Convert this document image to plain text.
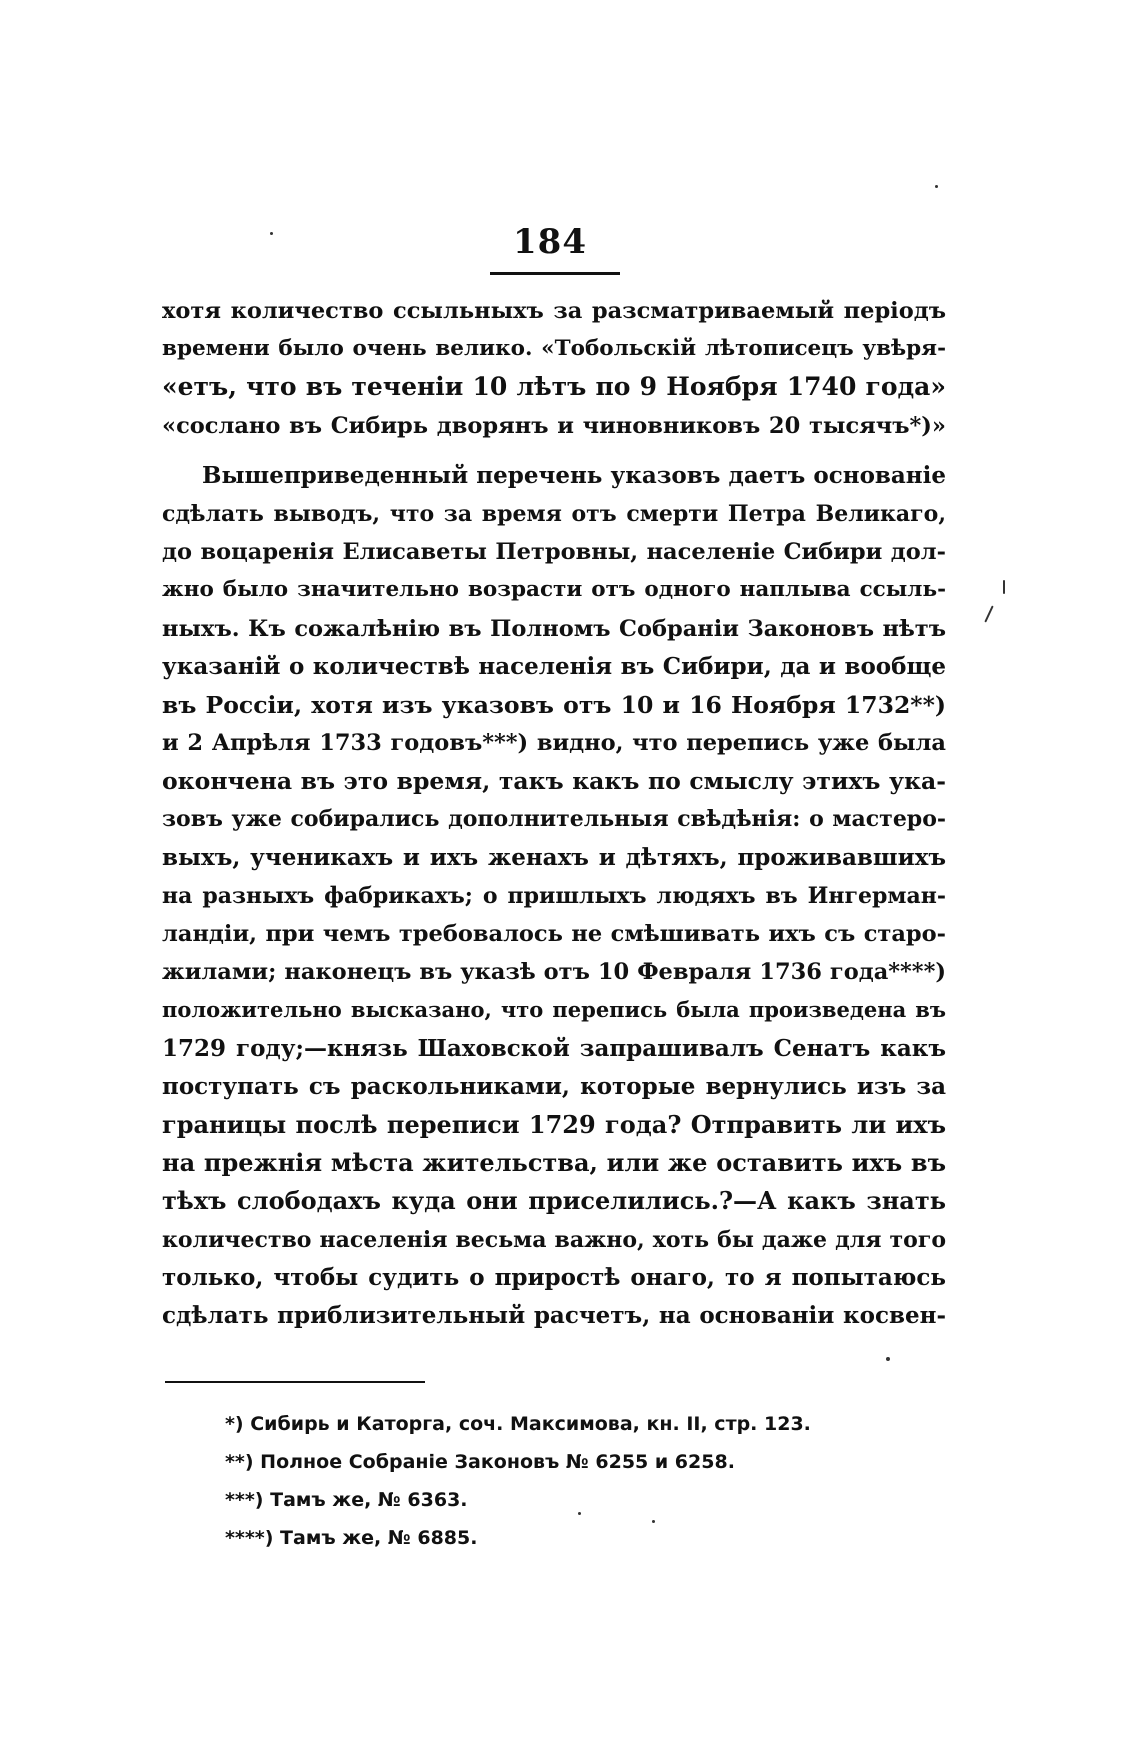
184
хотя количество ссыльныхъ за разсматриваемый періодъ
времени было очень велико. «Тобольскій лѣтописецъ увѣря-
«етъ, что въ теченіи 10 лѣтъ по 9 Ноября 1740 года»
«сослано въ Сибирь дворянъ и чиновниковъ 20 тысячъ*)»
Вышеприведенный перечень указовъ даетъ основаніе
сдѣлать выводъ, что за время отъ смерти Петра Великаго,
до воцаренія Елисаветы Петровны, населеніе Сибири дол-
жно было значительно возрасти отъ одного наплыва ссыль-
ныхъ. Къ сожалѣнію въ Полномъ Собраніи Законовъ нѣтъ
указаній о количествѣ населенія въ Сибири, да и вообще
въ Россіи, хотя изъ указовъ отъ 10 и 16 Ноября 1732**)
и 2 Апрѣля 1733 годовъ***) видно, что перепись уже была
окончена въ это время, такъ какъ по смыслу этихъ ука-
зовъ уже собирались дополнительныя свѣдѣнія: о мастеро-
выхъ, ученикахъ и ихъ женахъ и дѣтяхъ, проживавшихъ
на разныхъ фабрикахъ; о пришлыхъ людяхъ въ Ингерман-
ландіи, при чемъ требовалось не смѣшивать ихъ съ старо-
жилами; наконецъ въ указѣ отъ 10 Февраля 1736 года****)
положительно высказано, что перепись была произведена въ
1729 году;—князь Шаховской запрашивалъ Сенатъ какъ
поступать съ раскольниками, которые вернулись изъ за
границы послѣ переписи 1729 года? Отправить ли ихъ
на прежнія мѣста жительства, или же оставить ихъ въ
тѣхъ слободахъ куда они приселились.?—А какъ знать
количество населенія весьма важно, хоть бы даже для того
только, чтобы судить о приростѣ онаго, то я попытаюсь
сдѣлать приблизительный расчетъ, на основаніи косвен-
*) Сибирь и Каторга, соч. Максимова, кн. II, стр. 123.
**) Полное Собраніе Законовъ № 6255 и 6258.
***) Тамъ же, № 6363.
****) Тамъ же, № 6885.
